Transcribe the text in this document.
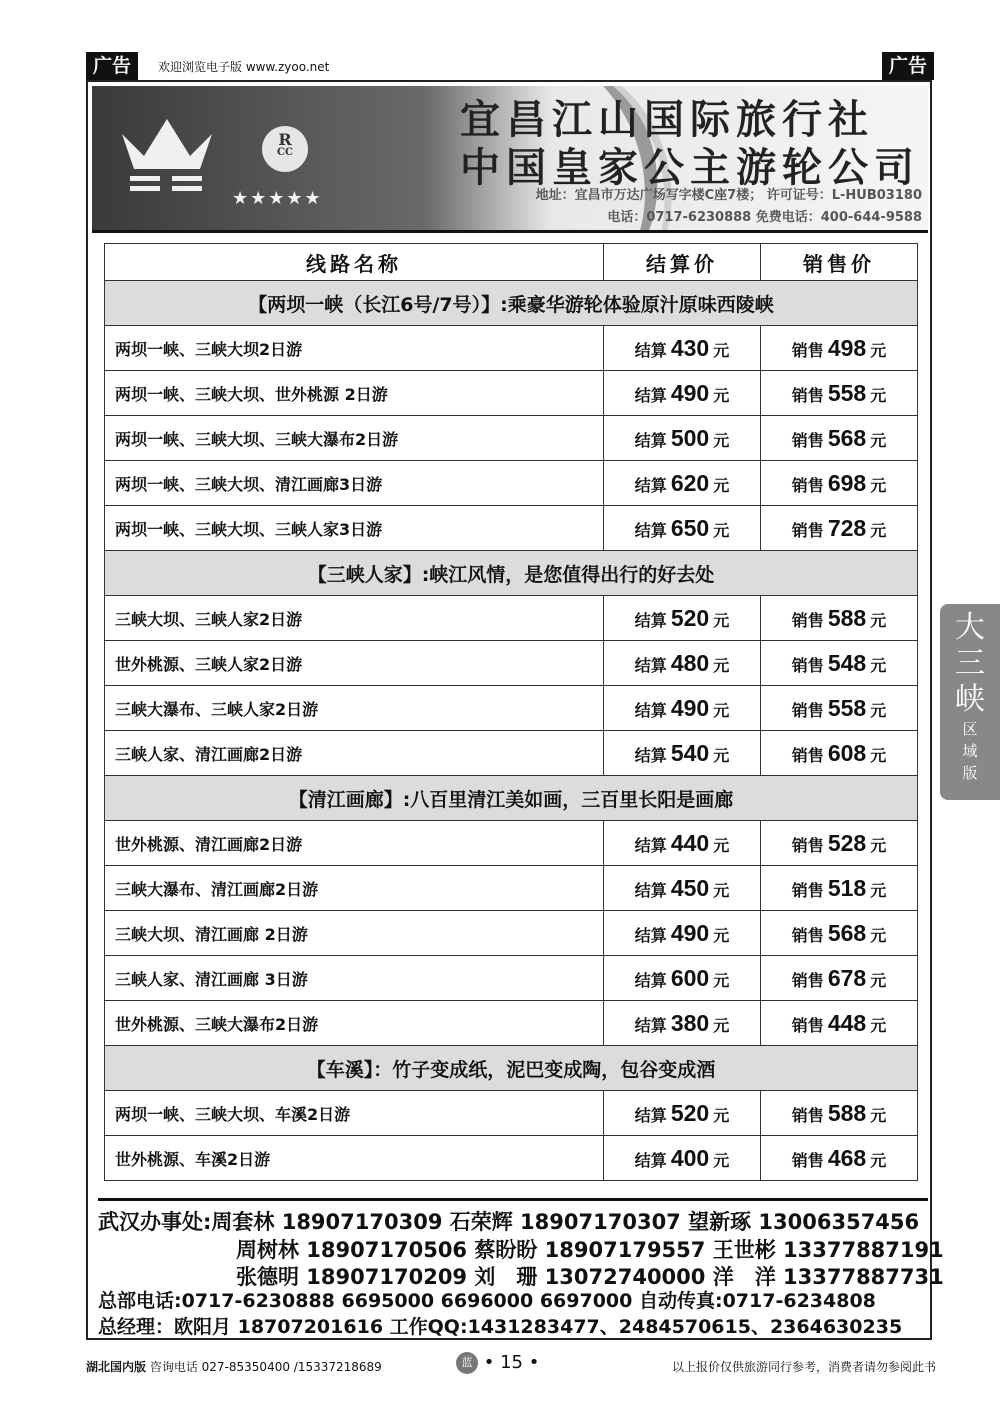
广告	欢迎浏览电子版 www.zyoo.net	广告
R
CC
★★★★★
宜昌江山国际旅行社
中国皇家公主游轮公司
地址：宜昌市万达广场写字楼C座7楼； 许可证号：L-HUB03180
电话：0717-6230888 免费电话：400-644-9588
线路名称	结算价	销售价
【两坝一峡（长江6号/7号）】:乘豪华游轮体验原汁原味西陵峡		
两坝一峡、三峡大坝2日游	结算 430 元	销售 498 元
两坝一峡、三峡大坝、世外桃源 2日游	结算 490 元	销售 558 元
两坝一峡、三峡大坝、三峡大瀑布2日游	结算 500 元	销售 568 元
两坝一峡、三峡大坝、清江画廊3日游	结算 620 元	销售 698 元
两坝一峡、三峡大坝、三峡人家3日游	结算 650 元	销售 728 元
【三峡人家】:峡江风情，是您值得出行的好去处		
三峡大坝、三峡人家2日游	结算 520 元	销售 588 元
世外桃源、三峡人家2日游	结算 480 元	销售 548 元
三峡大瀑布、三峡人家2日游	结算 490 元	销售 558 元
三峡人家、清江画廊2日游	结算 540 元	销售 608 元
【清江画廊】:八百里清江美如画，三百里长阳是画廊		
世外桃源、清江画廊2日游	结算 440 元	销售 528 元
三峡大瀑布、清江画廊2日游	结算 450 元	销售 518 元
三峡大坝、清江画廊 2日游	结算 490 元	销售 568 元
三峡人家、清江画廊 3日游	结算 600 元	销售 678 元
世外桃源、三峡大瀑布2日游	结算 380 元	销售 448 元
【车溪】：竹子变成纸，泥巴变成陶，包谷变成酒		
两坝一峡、三峡大坝、车溪2日游	结算 520 元	销售 588 元
世外桃源、车溪2日游	结算 400 元	销售 468 元
武汉办事处:周套林 18907170309 石荣辉 18907170307 望新琢 13006357456
周树林 18907170506 蔡盼盼 18907179557 王世彬 13377887191
张德明 18907170209 刘　珊 13072740000 洋　洋 13377887731
总部电话:0717-6230888 6695000 6696000 6697000 自动传真:0717-6234808
总经理：欧阳月 18707201616 工作QQ:1431283477、2484570615、2364630235
湖北国内版 咨询电话 027-85350400 /15337218689	蓝 • 15 •	以上报价仅供旅游同行参考，消费者请勿参阅此书
大
三
峡
区
域
版
